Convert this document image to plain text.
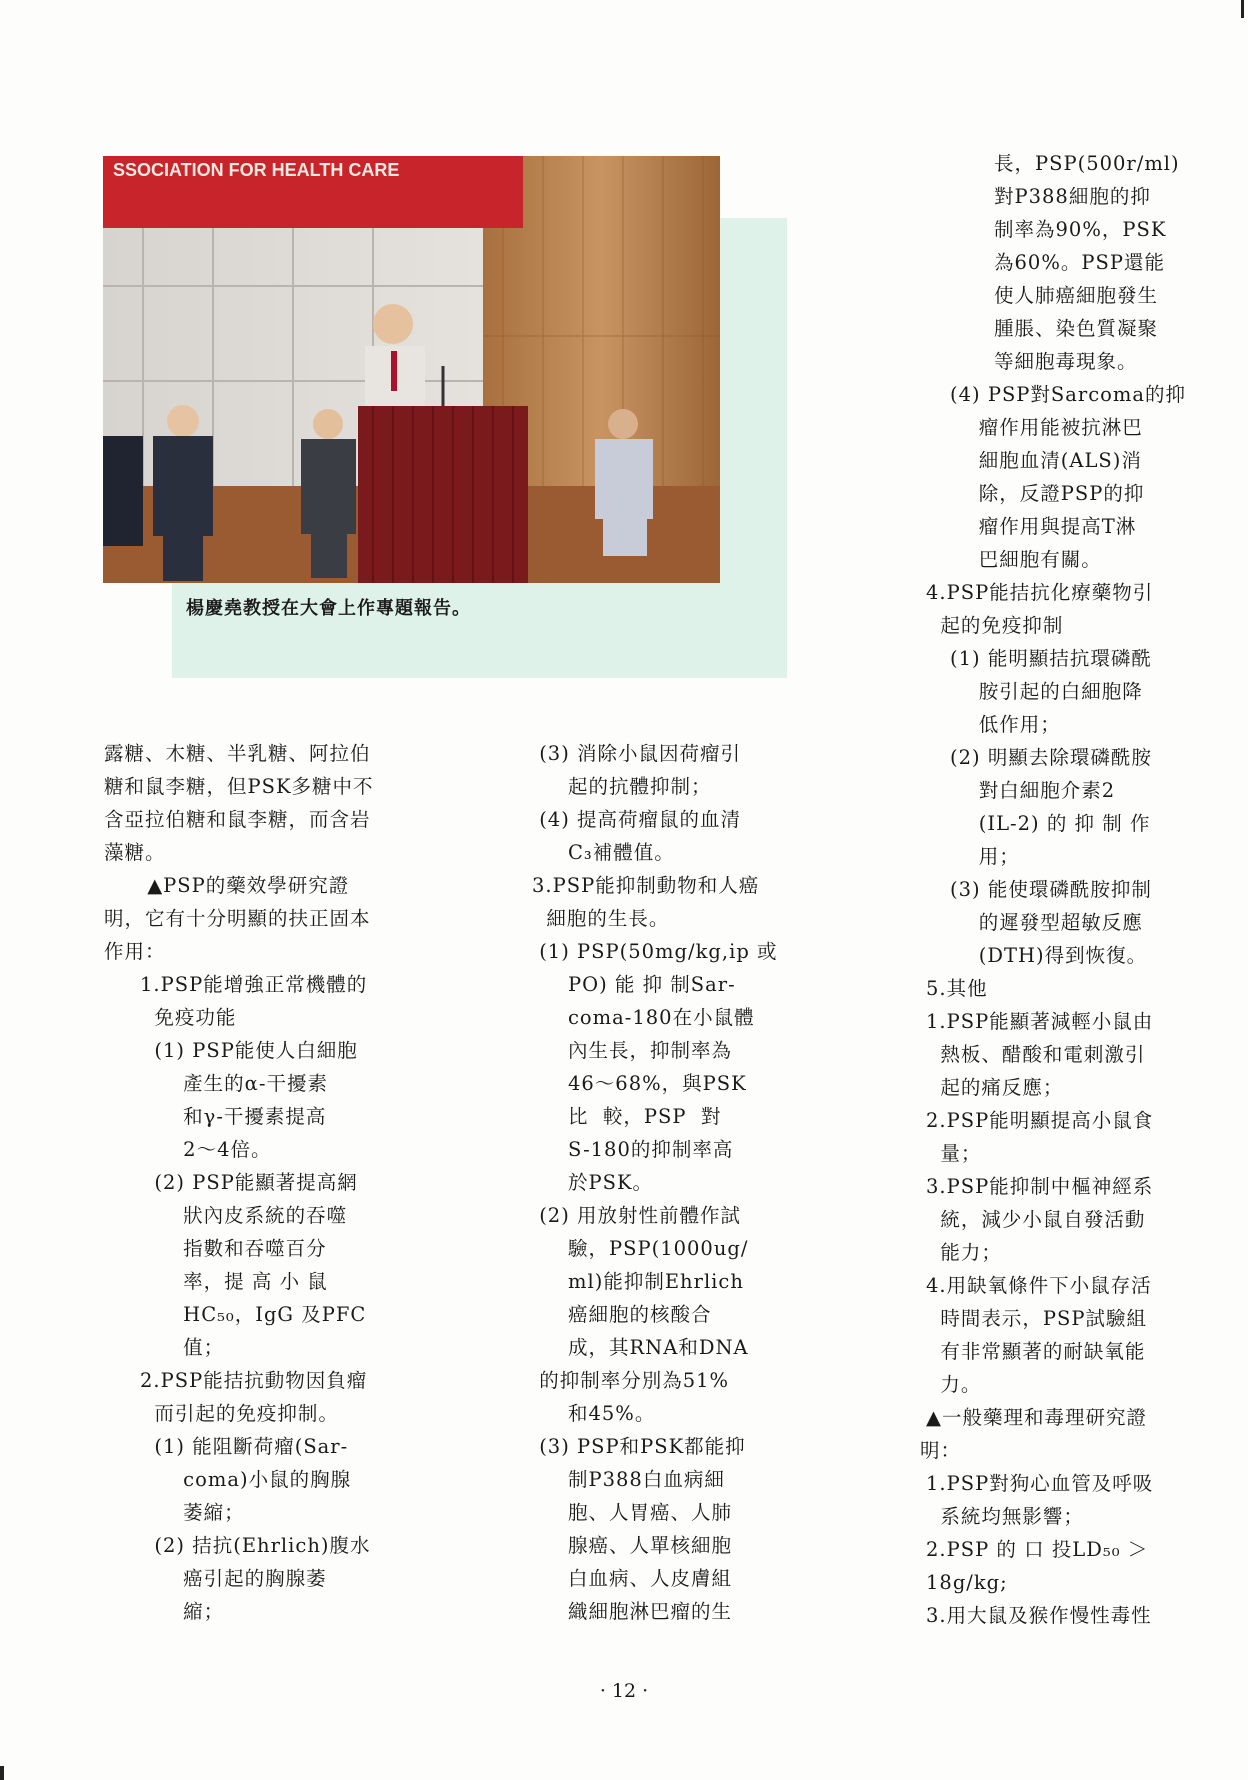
SSOCIATION FOR HEALTH CARE
楊慶堯教授在大會上作專題報告。

露糖、木糖、半乳糖、阿拉伯

糖和鼠李糖，但PSK多糖中不

含亞拉伯糖和鼠李糖，而含岩

藻糖。

▲PSP的藥效學研究證

明，它有十分明顯的扶正固本

作用：

1.PSP能增強正常機體的

免疫功能

(1) PSP能使人白細胞

產生的α-干擾素

和γ-干擾素提高

2～4倍。

(2) PSP能顯著提高網

狀內皮系統的吞噬

指數和吞噬百分

率，提 高 小 鼠

HC₅₀，IgG 及PFC

值；

2.PSP能拮抗動物因負瘤

而引起的免疫抑制。

(1) 能阻斷荷瘤(Sar-

coma)小鼠的胸腺

萎縮；

(2) 拮抗(Ehrlich)腹水

癌引起的胸腺萎

縮；

(3) 消除小鼠因荷瘤引

起的抗體抑制；

(4) 提高荷瘤鼠的血清

C₃補體值。

3.PSP能抑制動物和人癌

細胞的生長。

(1) PSP(50mg/kg,ip 或

PO) 能 抑 制Sar-

coma-180在小鼠體

內生長，抑制率為

46～68%，與PSK

比  較，PSP  對

S-180的抑制率高

於PSK。

(2) 用放射性前體作試

驗，PSP(1000ug/

ml)能抑制Ehrlich

癌細胞的核酸合

成，其RNA和DNA

的抑制率分別為51%

和45%。

(3) PSP和PSK都能抑

制P388白血病細

胞、人胃癌、人肺

腺癌、人單核細胞

白血病、人皮膚組

織細胞淋巴瘤的生

長，PSP(500r/ml)

對P388細胞的抑

制率為90%，PSK

為60%。PSP還能

使人肺癌細胞發生

腫脹、染色質凝聚

等細胞毒現象。

(4) PSP對Sarcoma的抑

瘤作用能被抗淋巴

細胞血清(ALS)消

除，反證PSP的抑

瘤作用與提高T淋

巴細胞有關。

4.PSP能拮抗化療藥物引

起的免疫抑制

(1) 能明顯拮抗環磷酰

胺引起的白細胞降

低作用；

(2) 明顯去除環磷酰胺

對白細胞介素2

(IL-2) 的 抑 制 作

用；

(3) 能使環磷酰胺抑制

的遲發型超敏反應

(DTH)得到恢復。

5.其他

1.PSP能顯著減輕小鼠由

熱板、醋酸和電刺激引

起的痛反應；

2.PSP能明顯提高小鼠食

量；

3.PSP能抑制中樞神經系

統，減少小鼠自發活動

能力；

4.用缺氧條件下小鼠存活

時間表示，PSP試驗組

有非常顯著的耐缺氧能

力。

▲一般藥理和毒理研究證

明：

1.PSP對狗心血管及呼吸

系統均無影響；

2.PSP 的 口 投LD₅₀ ＞

18g/kg;

3.用大鼠及猴作慢性毒性

· 12 ·
